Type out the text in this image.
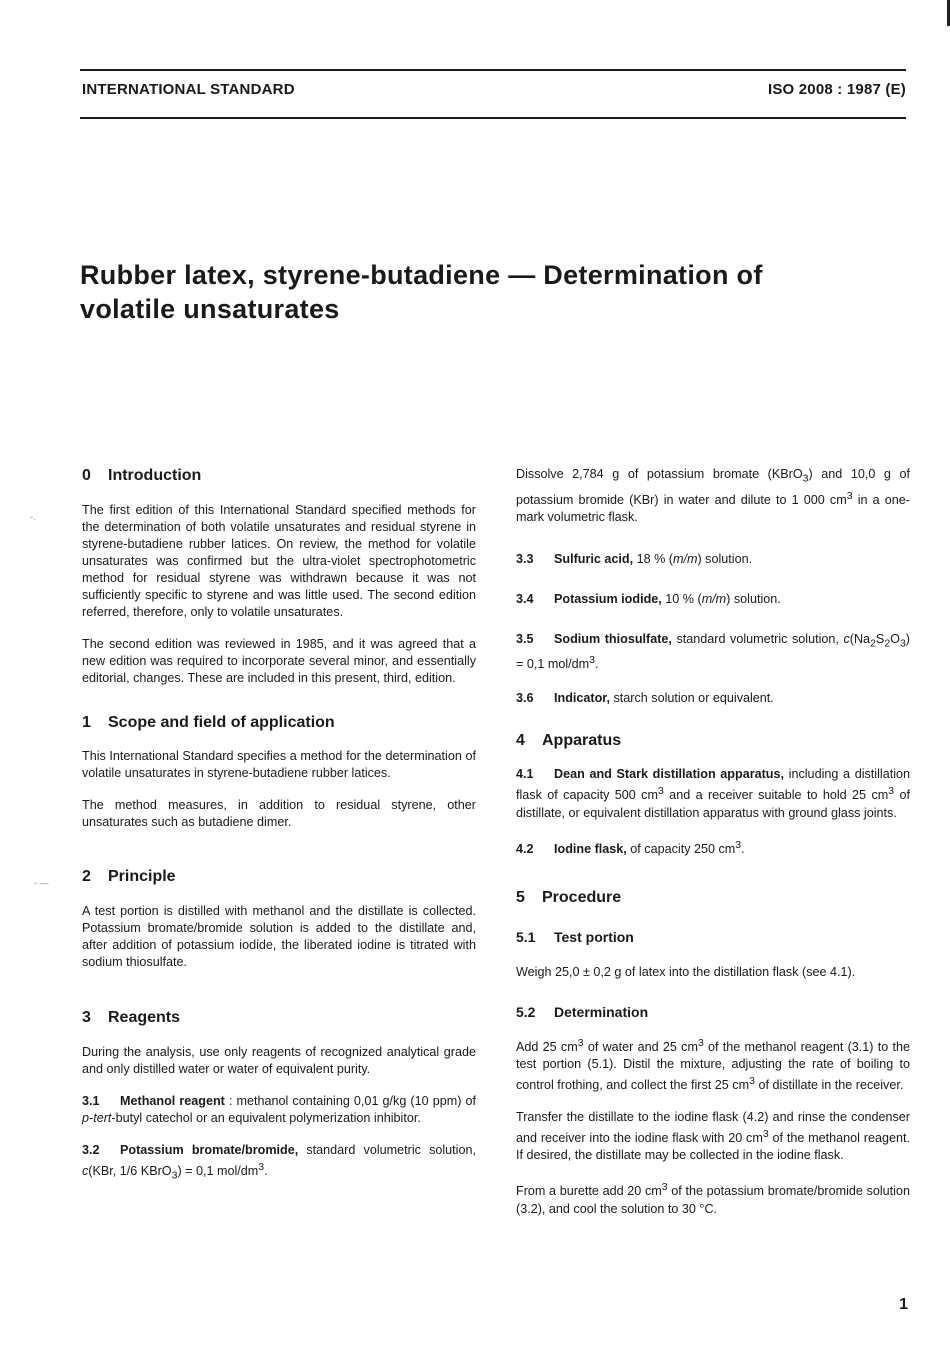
INTERNATIONAL STANDARD	ISO 2008 : 1987 (E)
Rubber latex, styrene-butadiene — Determination of
volatile unsaturates
-.
- —
0	Introduction

The first edition of this International Standard specified methods for the determination of both volatile unsaturates and residual styrene in styrene-butadiene rubber latices. On review, the method for volatile unsaturates was confirmed but the ultra-violet spectrophotometric method for residual styrene was withdrawn because it was not sufficiently specific to styrene and was little used. The second edition referred, therefore, only to volatile unsaturates.

The second edition was reviewed in 1985, and it was agreed that a new edition was required to incorporate several minor, and essentially editorial, changes. These are included in this present, third, edition.

1	Scope and field of application

This International Standard specifies a method for the determination of volatile unsaturates in styrene-butadiene rubber latices.

The method measures, in addition to residual styrene, other unsaturates such as butadiene dimer.

2	Principle

A test portion is distilled with methanol and the distillate is collected. Potassium bromate/bromide solution is added to the distillate and, after addition of potassium iodide, the liberated iodine is titrated with sodium thiosulfate.

3	Reagents

During the analysis, use only reagents of recognized analytical grade and only distilled water or water of equivalent purity.

3.1 Methanol reagent : methanol containing 0,01 g/kg (10 ppm) of p-tert-butyl catechol or an equivalent polymerization inhibitor.

3.2 Potassium bromate/bromide, standard volumetric solution, c(KBr, 1/6 KBrO$_3$) = 0,1 mol/$dm^3$.

Dissolve 2,784 g of potassium bromate (KBrO$_3$) and 10,0 g of potassium bromide (KBr) in water and dilute to 1 000 $cm^3$ in a one-mark volumetric flask.

3.3 Sulfuric acid, 18 % (m/m) solution.

3.4 Potassium iodide, 10 % (m/m) solution.

3.5 Sodium thiosulfate, standard volumetric solution, $c(Na_2S_2O_3) = 0,1$ mol/$dm^3$.

3.6 Indicator, starch solution or equivalent.

4	Apparatus

4.1 Dean and Stark distillation apparatus, including a distillation flask of capacity 500 $cm^3$ and a receiver suitable to hold 25 $cm^3$ of distillate, or equivalent distillation apparatus with ground glass joints.

4.2 Iodine flask, of capacity 250 $cm^3$.

5	Procedure
5.1	Test portion

Weigh 25,0 ± 0,2 g of latex into the distillation flask (see 4.1).

5.2	Determination

Add 25 $cm^3$ of water and 25 $cm^3$ of the methanol reagent (3.1) to the test portion (5.1). Distil the mixture, adjusting the rate of boiling to control frothing, and collect the first 25 $cm^3$ of distillate in the receiver.

Transfer the distillate to the iodine flask (4.2) and rinse the condenser and receiver into the iodine flask with 20 $cm^3$ of the methanol reagent. If desired, the distillate may be collected in the iodine flask.

From a burette add 20 $cm^3$ of the potassium bromate/bromide solution (3.2), and cool the solution to 30 °C.

1
